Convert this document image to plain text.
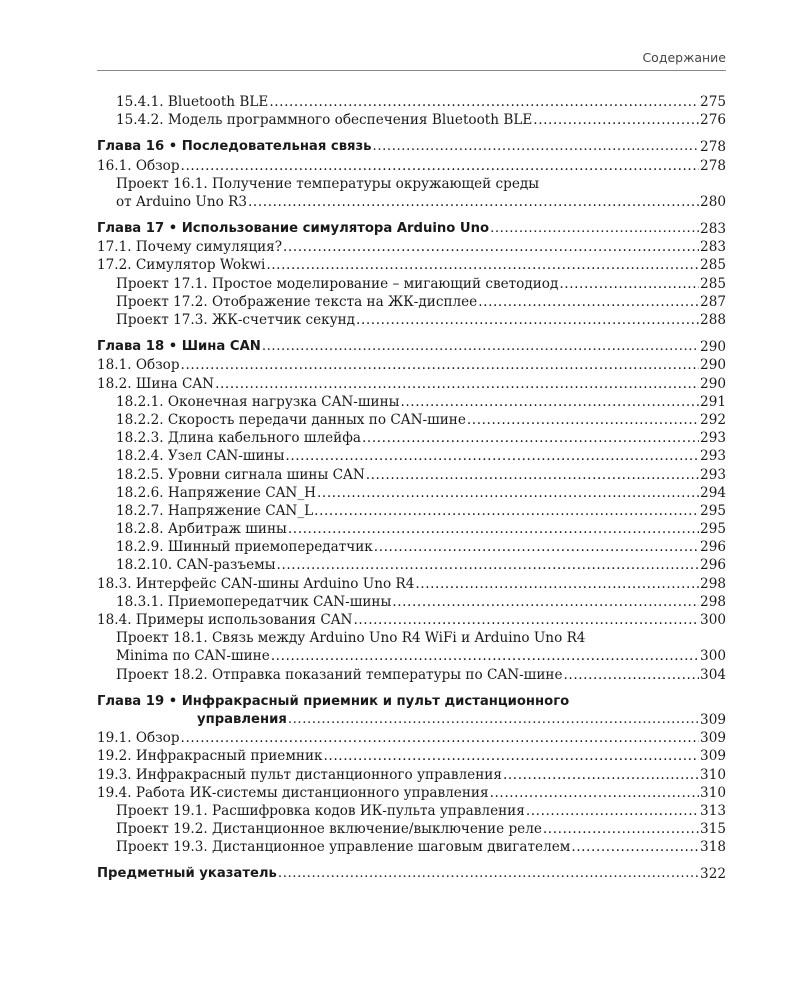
Содержание
15.4.1. Bluetooth BLE .....	275
15.4.2. Модель программного обеспечения Bluetooth BLE .....	276
Глава 16 • Последовательная связь .....	278
16.1. Обзор .....	278
Проект 16.1. Получение температуры окружающей среды
от Arduino Uno R3 .....	280
Глава 17 • Использование симулятора Arduino Uno .....	283
17.1. Почему симуляция? .....	283
17.2. Симулятор Wokwi .....	285
Проект 17.1. Простое моделирование – мигающий светодиод .....	285
Проект 17.2. Отображение текста на ЖК-дисплее .....	287
Проект 17.3. ЖК-счетчик секунд .....	288
Глава 18 • Шина CAN .....	290
18.1. Обзор .....	290
18.2. Шина CAN .....	290
18.2.1. Оконечная нагрузка CAN-шины .....	291
18.2.2. Скорость передачи данных по CAN-шине .....	292
18.2.3. Длина кабельного шлейфа .....	293
18.2.4. Узел CAN-шины .....	293
18.2.5. Уровни сигнала шины CAN .....	293
18.2.6. Напряжение CAN_H .....	294
18.2.7. Напряжение CAN_L .....	295
18.2.8. Арбитраж шины .....	295
18.2.9. Шинный приемопередатчик .....	296
18.2.10. CAN-разъемы .....	296
18.3. Интерфейс CAN-шины Arduino Uno R4 .....	298
18.3.1. Приемопередатчик CAN-шины .....	298
18.4. Примеры использования CAN .....	300
Проект 18.1. Связь между Arduino Uno R4 WiFi и Arduino Uno R4
Minima по CAN-шине .....	300
Проект 18.2. Отправка показаний температуры по CAN-шине .....	304
Глава 19 • Инфракрасный приемник и пульт дистанционного
управления .....	309
19.1. Обзор .....	309
19.2. Инфракрасный приемник .....	309
19.3. Инфракрасный пульт дистанционного управления .....	310
19.4. Работа ИК-системы дистанционного управления .....	310
Проект 19.1. Расшифровка кодов ИК-пульта управления .....	313
Проект 19.2. Дистанционное включение/выключение реле .....	315
Проект 19.3. Дистанционное управление шаговым двигателем .....	318
Предметный указатель .....	322
